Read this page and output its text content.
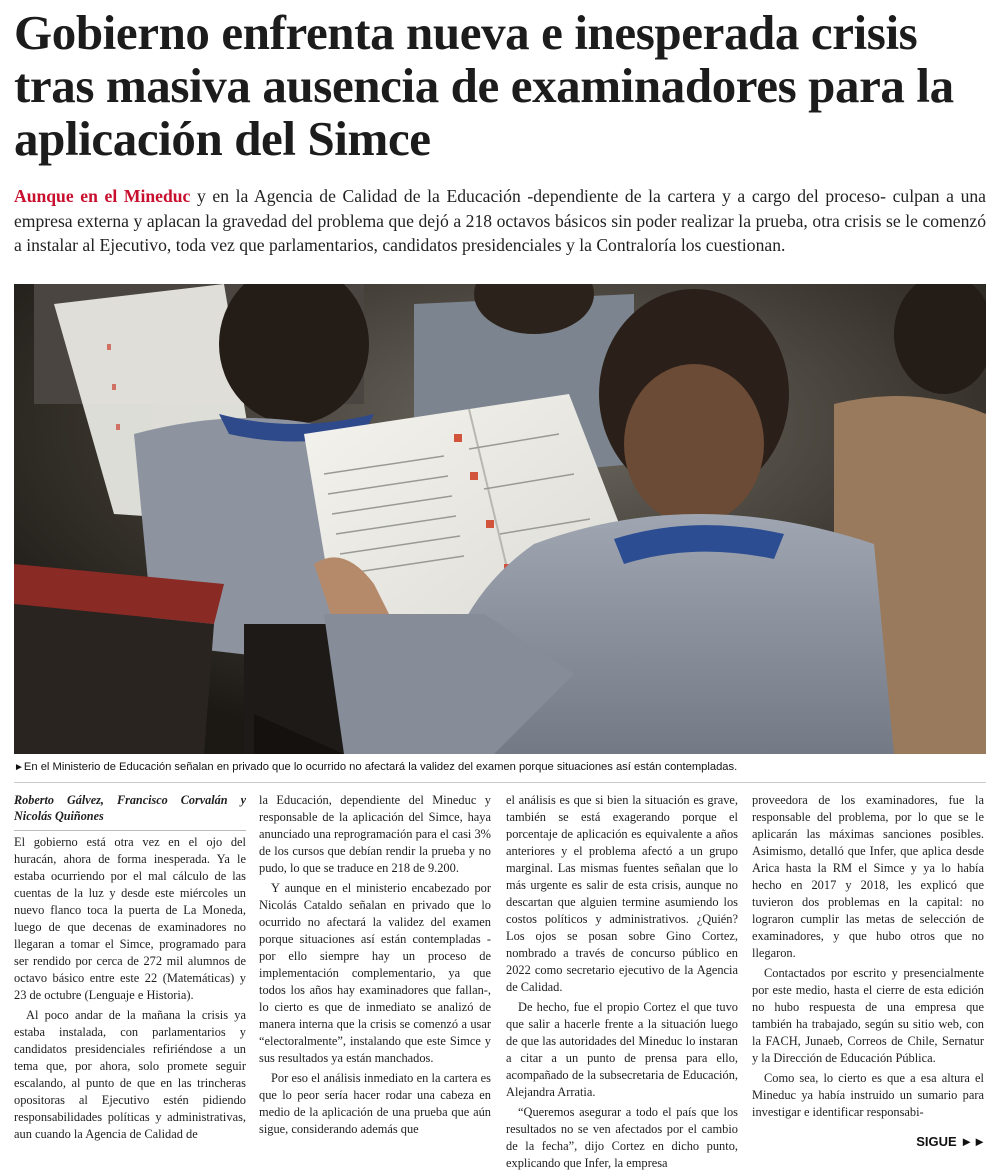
Gobierno enfrenta nueva e inesperada crisis tras masiva ausencia de examinadores para la aplicación del Simce

Aunque en el Mineduc y en la Agencia de Calidad de la Educación -dependiente de la cartera y a cargo del proceso- culpan a una empresa externa y aplacan la gravedad del problema que dejó a 218 octavos básicos sin poder realizar la prueba, otra crisis se le comenzó a instalar al Ejecutivo, toda vez que parlamentarios, candidatos presidenciales y la Contraloría los cuestionan.

►En el Ministerio de Educación señalan en privado que lo ocurrido no afectará la validez del examen porque situaciones así están contempladas.

Roberto Gálvez, Francisco Corvalán y Nicolás Quiñones

El gobierno está otra vez en el ojo del huracán, ahora de forma inesperada. Ya le estaba ocurriendo por el mal cálculo de las cuentas de la luz y desde este miércoles un nuevo flanco toca la puerta de La Moneda, luego de que decenas de examinadores no llegaran a tomar el Simce, programado para ser rendido por cerca de 272 mil alumnos de octavo básico entre este 22 (Matemáticas) y 23 de octubre (Lenguaje e Historia).

Al poco andar de la mañana la crisis ya estaba instalada, con parlamentarios y candidatos presidenciales refiriéndose a un tema que, por ahora, solo promete seguir escalando, al punto de que en las trincheras opositoras al Ejecutivo estén pidiendo responsabilidades políticas y administrativas, aun cuando la Agencia de Calidad de

la Educación, dependiente del Mineduc y responsable de la aplicación del Simce, haya anunciado una reprogramación para el casi 3% de los cursos que debían rendir la prueba y no pudo, lo que se traduce en 218 de 9.200.

Y aunque en el ministerio encabezado por Nicolás Cataldo señalan en privado que lo ocurrido no afectará la validez del examen porque situaciones así están contempladas -por ello siempre hay un proceso de implementación complementario, ya que todos los años hay examinadores que fallan-, lo cierto es que de inmediato se analizó de manera interna que la crisis se comenzó a usar “electoralmente”, instalando que este Simce y sus resultados ya están manchados.

Por eso el análisis inmediato en la cartera es que lo peor sería hacer rodar una cabeza en medio de la aplicación de una prueba que aún sigue, considerando además que

el análisis es que si bien la situación es grave, también se está exagerando porque el porcentaje de aplicación es equivalente a años anteriores y el problema afectó a un grupo marginal. Las mismas fuentes señalan que lo más urgente es salir de esta crisis, aunque no descartan que alguien termine asumiendo los costos políticos y administrativos. ¿Quién? Los ojos se posan sobre Gino Cortez, nombrado a través de concurso público en 2022 como secretario ejecutivo de la Agencia de Calidad.

De hecho, fue el propio Cortez el que tuvo que salir a hacerle frente a la situación luego de que las autoridades del Mineduc lo instaran a citar a un punto de prensa para ello, acompañado de la subsecretaria de Educación, Alejandra Arratia.

“Queremos asegurar a todo el país que los resultados no se ven afectados por el cambio de la fecha”, dijo Cortez en dicho punto, explicando que Infer, la empresa

proveedora de los examinadores, fue la responsable del problema, por lo que se le aplicarán las máximas sanciones posibles. Asimismo, detalló que Infer, que aplica desde Arica hasta la RM el Simce y ya lo había hecho en 2017 y 2018, les explicó que tuvieron dos problemas en la capital: no lograron cumplir las metas de selección de examinadores, y que hubo otros que no llegaron.

Contactados por escrito y presencialmente por este medio, hasta el cierre de esta edición no hubo respuesta de una empresa que también ha trabajado, según su sitio web, con la FACH, Junaeb, Correos de Chile, Sernatur y la Dirección de Educación Pública.

Como sea, lo cierto es que a esa altura el Mineduc ya había instruido un sumario para investigar e identificar responsabi-

SIGUE ►►
